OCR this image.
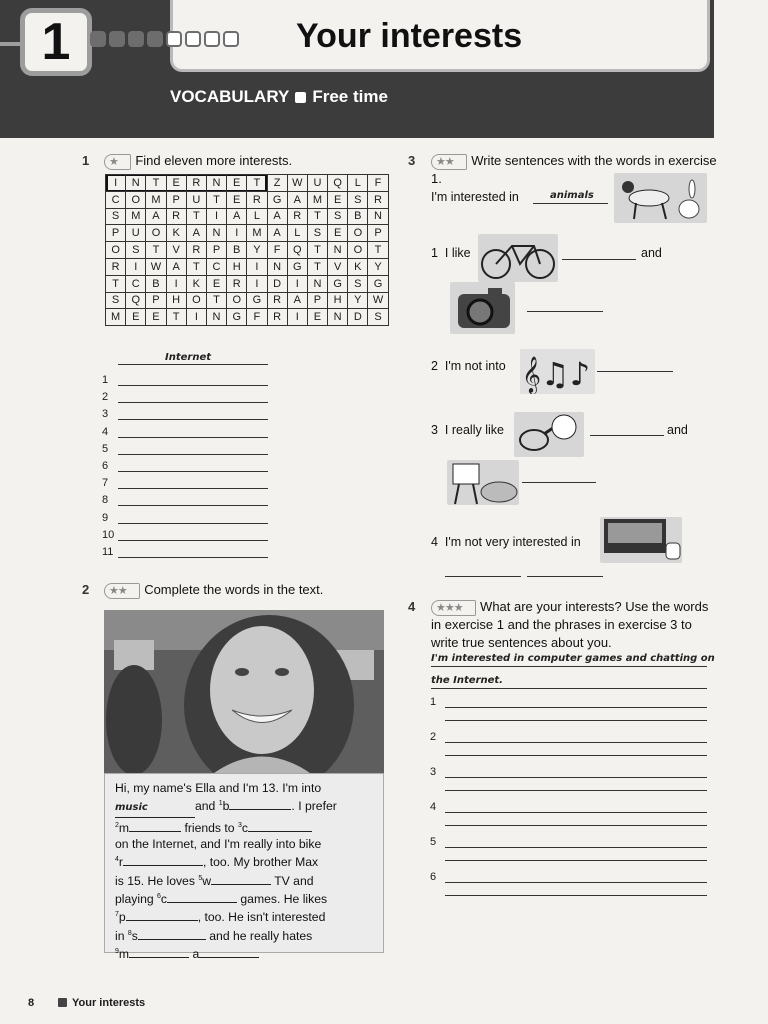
1	Your interests
VOCABULARY Free time
1	★ Find eleven more interests.
I	N	T	E	R	N	E	T	Z	W	U	Q	L	F
C	O	M	P	U	T	E	R	G	A	M	E	S	R
S	M	A	R	T	I	A	L	A	R	T	S	B	N
P	U	O	K	A	N	I	M	A	L	S	E	O	P
O	S	T	V	R	P	B	Y	F	Q	T	N	O	T
R	I	W	A	T	C	H	I	N	G	T	V	K	Y
T	C	B	I	K	E	R	I	D	I	N	G	S	G
S	Q	P	H	O	T	O	G	R	A	P	H	Y	W
M	E	E	T	I	N	G	F	R	I	E	N	D	S
Internet
1
2
3
4
5
6
7
8
9
10
11
2	★★ Complete the words in the text.
Hi, my name's Ella and I'm 13. I'm into
music	and $^1$b	. I prefer
$^2$m	friends to $^3$c
on the Internet, and I'm really into bike
$^4$r	, too. My brother Max
is 15. He loves $^5$w	TV and
playing $^6$c	games. He likes
$^7$p	, too. He isn't interested
in $^8$s	and he really hates
$^9$m	a
3	★★ Write sentences with the words in exercise 1.
I'm interested in	animals
1 I like	and
2 I'm not into 𝄞♫♪
3 I really like	and
4 I'm not very interested in
4	★★★ What are your interests? Use the words in exercise 1 and the phrases in exercise 3 to write true sentences about you.
I'm interested in computer games and chatting on
the Internet.
1
2
3
4
5
6
8	Your interests
